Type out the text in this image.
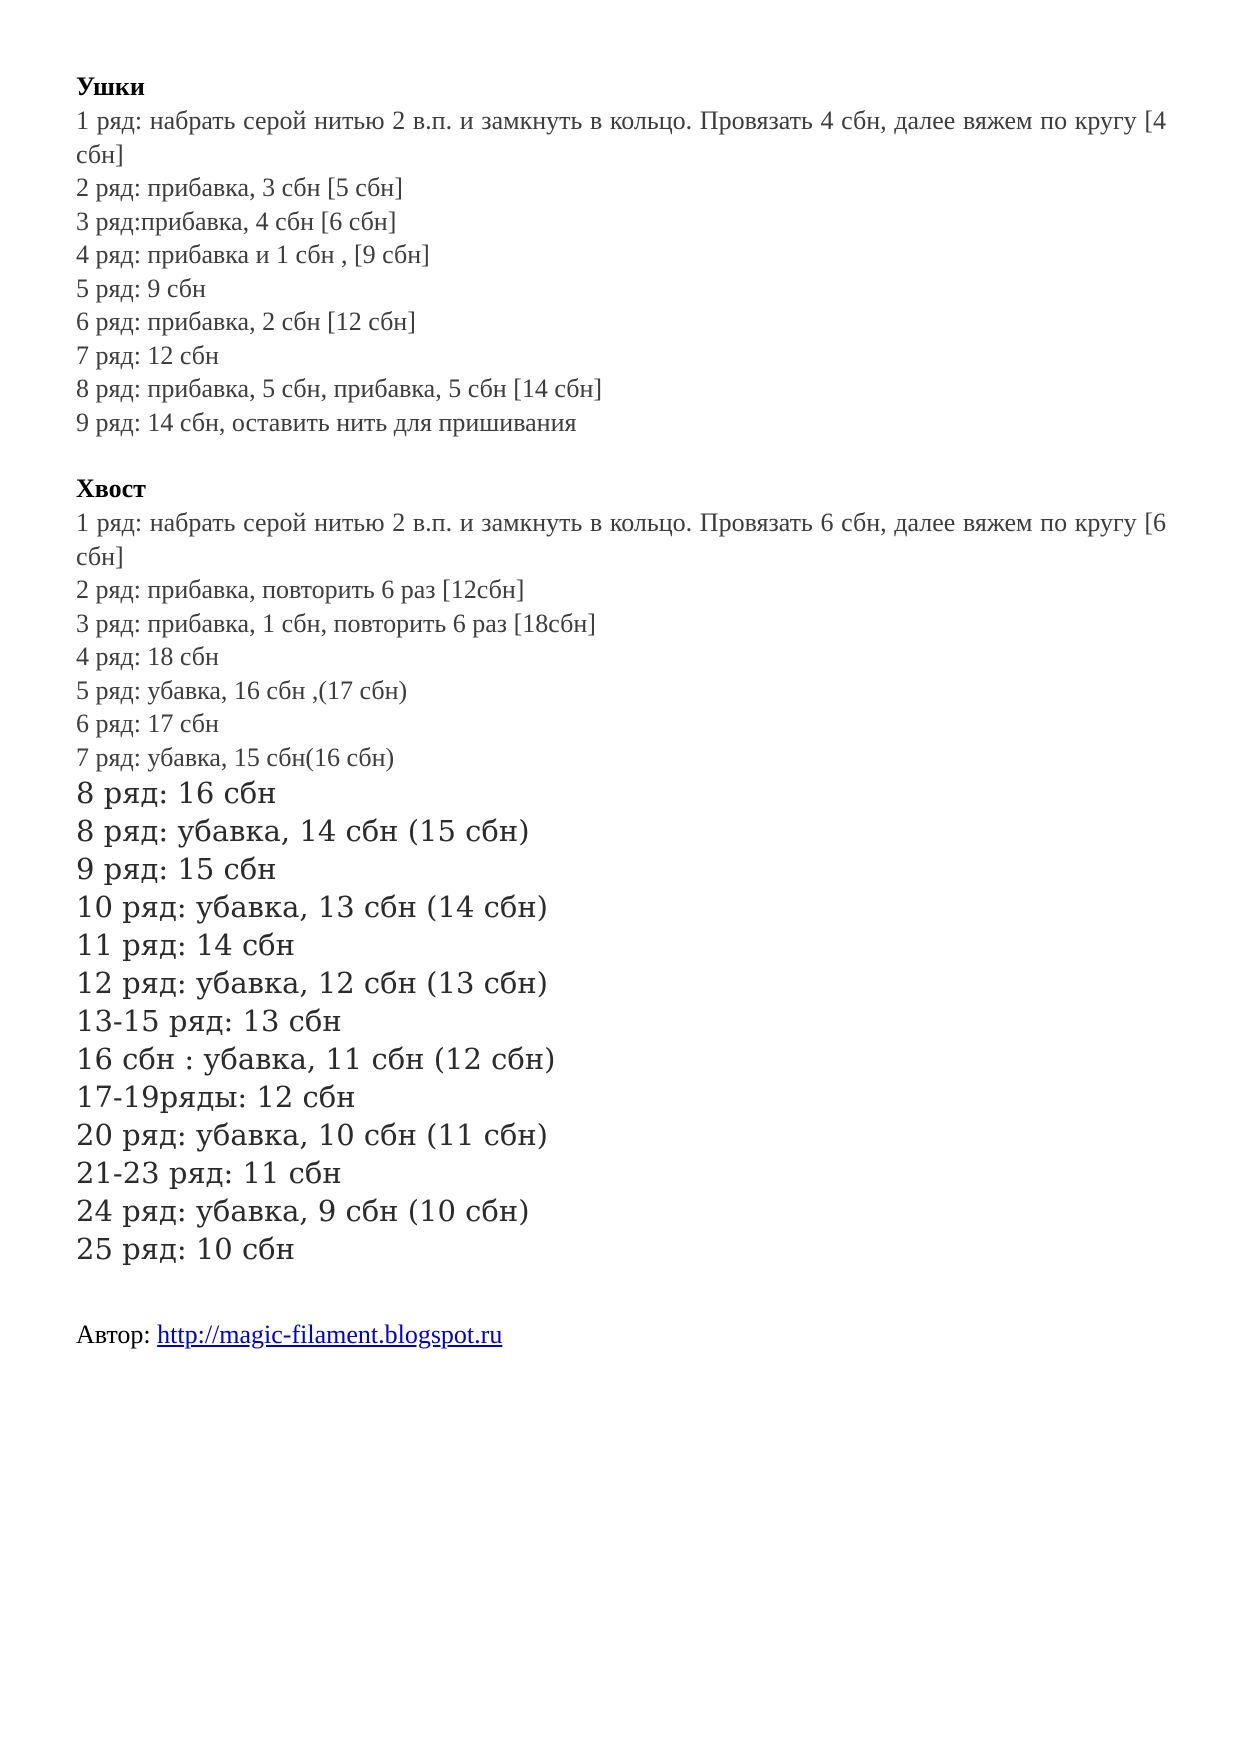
Ушки

1 ряд: набрать серой нитью 2 в.п. и замкнуть в кольцо. Провязать 4 сбн, далее вяжем по кругу [4 сбн]

2 ряд: прибавка, 3 сбн [5 сбн]

3 ряд:прибавка, 4 сбн [6 сбн]

4 ряд: прибавка и 1 сбн , [9 сбн]

5 ряд: 9 сбн

6 ряд: прибавка, 2 сбн [12 сбн]

7 ряд: 12 сбн

8 ряд: прибавка, 5 сбн, прибавка, 5 сбн [14 сбн]

9 ряд: 14 сбн, оставить нить для пришивания

Хвост

1 ряд: набрать серой нитью 2 в.п. и замкнуть в кольцо. Провязать 6 сбн, далее вяжем по кругу [6 сбн]

2 ряд: прибавка, повторить 6 раз [12сбн]

3 ряд: прибавка, 1 сбн, повторить 6 раз [18сбн]

4 ряд: 18 сбн

5 ряд: убавка, 16 сбн ,(17 сбн)

6 ряд: 17 сбн

7 ряд: убавка, 15 сбн(16 сбн)

8 ряд: 16 сбн

8 ряд: убавка, 14 сбн (15 сбн)

9 ряд: 15 сбн

10 ряд: убавка, 13 сбн (14 сбн)

11 ряд: 14 сбн

12 ряд: убавка, 12 сбн (13 сбн)

13-15 ряд: 13 сбн

16 сбн : убавка, 11 сбн (12 сбн)

17-19ряды: 12 сбн

20 ряд: убавка, 10 сбн (11 сбн)

21-23 ряд: 11 сбн

24 ряд: убавка, 9 сбн (10 сбн)

25 ряд: 10 сбн

Автор: http://magic-filament.blogspot.ru
